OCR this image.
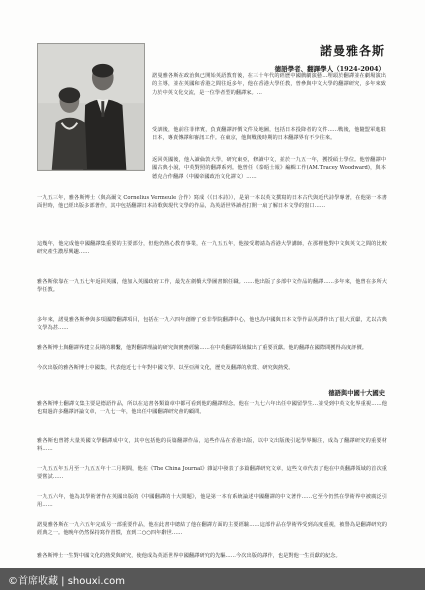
諾曼雅各斯
德語學者、翻譯學人（1924-2004）
諾曼雅各斯在政治與已開始英語教育後，在三十年代的經歷中國戲劇演藝…埋頭於翻譯並在劇場演出的主導，並在英國和香港之間往返多年，他在香港大學任教，曾參與中文大學的翻譯研究，多年來致力於中英文化交流，是一位學者型的翻譯家。…
受訓後，他前往菲律賓，負責翻譯評價文件及地圖，包括日本投降者的文件……戰後，他隨盟軍進駐日本，專責傳譯和審訊工作。在東京，他與戰後時期的日本翻譯界有不少往來。
返回英國後，他入讀倫敦大學，研究東亞，修讀中文，並於一九五一年，獲授碩士學位。他曾翻譯中國古典小說，中英對照的翻譯系列。他曾任《泰晤士報》編輯工作(AM.Tracey Woodward)，與本德克合作翻譯（中國帝國政治文化譯文）……
一九五三年，雅各斯博士（與高爾文 Cornelius Vermeule 合作）寫成（《日本詩》），是第一本以英文撰寫的日本古代與近代詩學專著，在他第一本書面世時，他已經出版多部著作，其中包括翻譯日本詩歌與現代文學的作品，為英語世界讀者打開一扇了解日本文學的窗口……
這幾年，他完成他中國翻譯集重要的主要部分，但他仍熱心教育事業，在一九五五年，他接受聘請為香港大學講師，在那裡他對中文與英文之間的比較研究產生濃厚興趣……
雅各斯依靠在一九五七年返回英國，他加入英國政府工作，最先在劍橋大學圖書館任職。……他出版了多部中文作品的翻譯……多年來，他曾在多所大學任教。
多年來，諾曼雅各斯參與多項國際翻譯項目，包括在一九六四年創辦了亞非學院翻譯中心，他也為中國與日本文學作品英譯作出了很大貢獻，尤以古典文學為甚……
雅各斯博士與翻譯界建立長期的聯繫，他對翻譯理論的研究與實務經驗……在中英翻譯領域做出了重要貢獻。他的翻譯在國際間獲得高度評價。
今次出版的雅各斯博士中國集，代表他近七十年對中國文學、以至亞洲文化，歷史及翻譯的欣賞、研究與熱愛。
德語與中國十大國史
雅各斯博士翻譯文集主要是德語作品，所以在這書各類篇章中都可看到他的翻譯理念。他在一九七六年出任中國留學生…並受到中英文化界重視……他也寫過許多翻譯評論文章，一九七一年，他出任中國翻譯研究會的顧問。
雅各斯也曾將大量英國文學翻譯成中文，其中包括他的長篇翻譯作品，這些作品在香港出版，以中文出版後引起學界關注，成為了翻譯研究的重要材料……
一九五五年五月至一九五五年十二月期間，他在《The China Journal》雜誌中發表了多篇翻譯研究文章，這些文章代表了他在中英翻譯領域的首次重要嘗試……
一九五六年，他為其學術著作在英國出版的《中國翻譯的十大問題》，他是第一本有系統論述中國翻譯的中文著作……它至今仍然在學術界中被廣泛引用……
諾曼雅各斯在一九六五年完成另一部重要作品，他在此書中總結了他在翻譯方面的主要經驗……這部作品在學術界受到高度重視，被譽為是翻譯研究的經典之一。他晚年仍然保持寫作習慣，直到二○○四年辭世……
雅各斯博士一生對中國文化的熱愛與研究，使他成為英語世界中國翻譯研究的先驅……今次出版的譯作，也是對他一生貢獻的紀念。
©首席收藏 | shouxi.com
